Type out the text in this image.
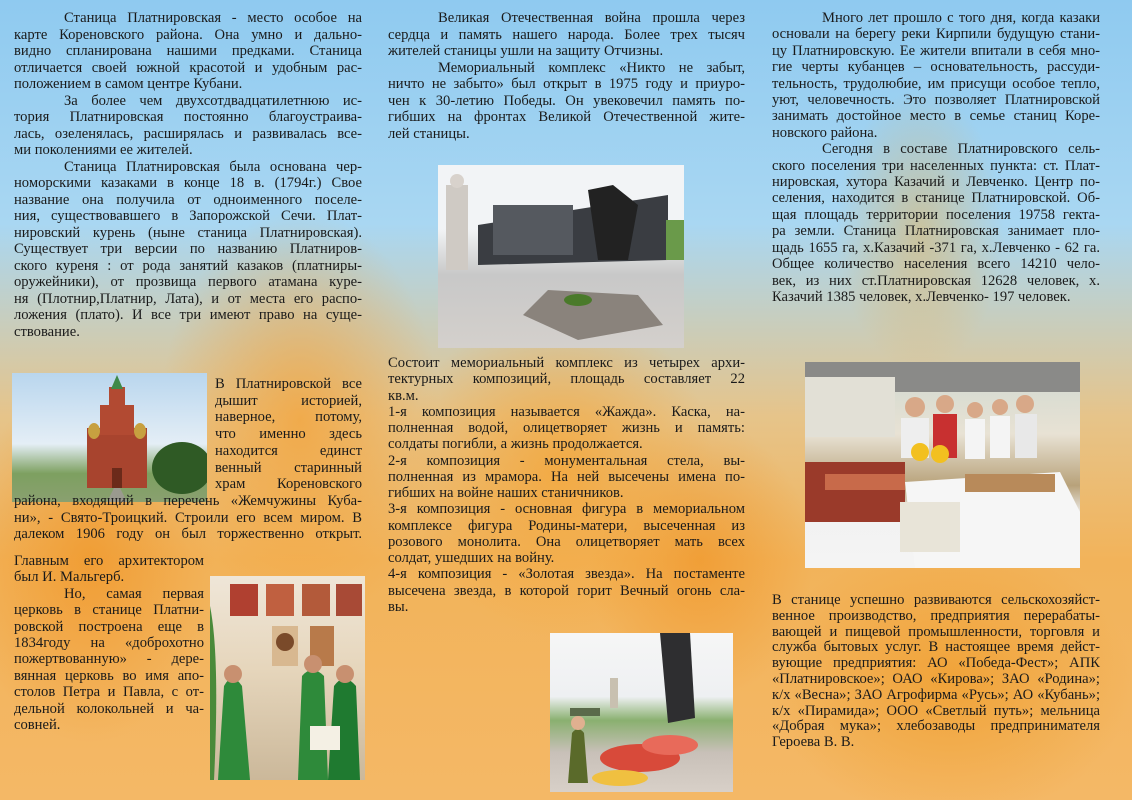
Станица Платнировская - место особое на
карте Кореновского района. Она умно и дально-
видно спланирована нашими предками. Станица
отличается своей южной красотой и удобным рас-
положением в самом центре Кубани.
За более чем двухсотдвадцатилетнюю ис-
тория Платнировская постоянно благоустраива-
лась, озеленялась, расширялась и развивалась все-
ми поколениями ее жителей.
Станица Платнировская была основана чер-
номорскими казаками в конце 18 в. (1794г.) Свое
название она получила от одноименного поселе-
ния, существовавшего в Запорожской Сечи. Плат-
нировский курень (ныне станица Платнировская).
Существует три версии по названию Платниров-
ского куреня : от рода занятий казаков (платниры-
оружейники), от прозвища первого атамана куре-
ня (Плотнир,Платнир, Лата), и от места его распо-
ложения (плато). И все три имеют право на суще-
ствование.
В Платнировской все
дышит историей,
наверное, потому,
что именно здесь
находится единст
венный старинный
храм Кореновского
района, входящий в перечень «Жемчужины Куба-
ни», - Свято-Троицкий. Строили его всем миром. В
далеком 1906 году он был торжественно открыт.
Главным его архитектором
был И. Мальгерб.
Но, самая первая
церковь в станице Платни-
ровской построена еще в
1834году на «доброхотно
пожертвованную» - дере-
вянная церковь во имя апо-
столов Петра и Павла, с от-
дельной колокольней и ча-
совней.
Великая Отечественная война прошла через
сердца и память нашего народа. Более трех тысяч
жителей станицы ушли на защиту Отчизны.
Мемориальный комплекс «Никто не забыт,
ничто не забыто» был открыт в 1975 году и приуро-
чен к 30-летию Победы. Он увековечил память по-
гибших на фронтах Великой Отечественной жите-
лей станицы.
Состоит мемориальный комплекс из четырех архи-
тектурных композиций, площадь составляет 22
кв.м.
1-я композиция называется «Жажда». Каска, на-
полненная водой, олицетворяет жизнь и память:
солдаты погибли, а жизнь продолжается.
2-я композиция - монументальная стела, вы-
полненная из мрамора. На ней высечены имена по-
гибших на войне наших станичников.
3-я композиция - основная фигура в мемориальном
комплексе фигура Родины-матери, высеченная из
розового монолита. Она олицетворяет мать всех
солдат, ушедших на войну.
4-я композиция - «Золотая звезда». На постаменте
высечена звезда, в которой горит Вечный огонь сла-
вы.
Много лет прошло с того дня, когда казаки
основали на берегу реки Кирпили будущую стани-
цу Платнировскую. Ее жители впитали в себя мно-
гие черты кубанцев – основательность, рассуди-
тельность, трудолюбие, им присущи особое тепло,
уют, человечность. Это позволяет Платнировской
занимать достойное место в семье станиц Коре-
новского района.
Сегодня в составе Платнировского сель-
ского поселения три населенных пункта: ст. Плат-
нировская, хутора Казачий и Левченко. Центр по-
селения, находится в станице Платнировской. Об-
щая площадь территории поселения 19758 гекта-
ра земли. Станица Платнировская занимает пло-
щадь 1655 га, х.Казачий -371 га, х.Левченко - 62 га.
Общее количество населения всего 14210 чело-
век, из них ст.Платнировская 12628 человек, х.
Казачий 1385 человек, х.Левченко- 197 человек.
В станице успешно развиваются сельскохозяйст-
венное производство, предприятия перерабаты-
вающей и пищевой промышленности, торговля и
служба бытовых услуг. В настоящее время дейст-
вующие предприятия: АО «Победа-Фест»; АПК
«Платнировское»; ОАО «Кирова»; ЗАО «Родина»;
к/х «Весна»; ЗАО Агрофирма «Русь»; АО «Кубань»;
к/х «Пирамида»; ООО «Светлый путь»; мельница
«Добрая мука»; хлебозаводы предпринимателя
Героева В. В.
